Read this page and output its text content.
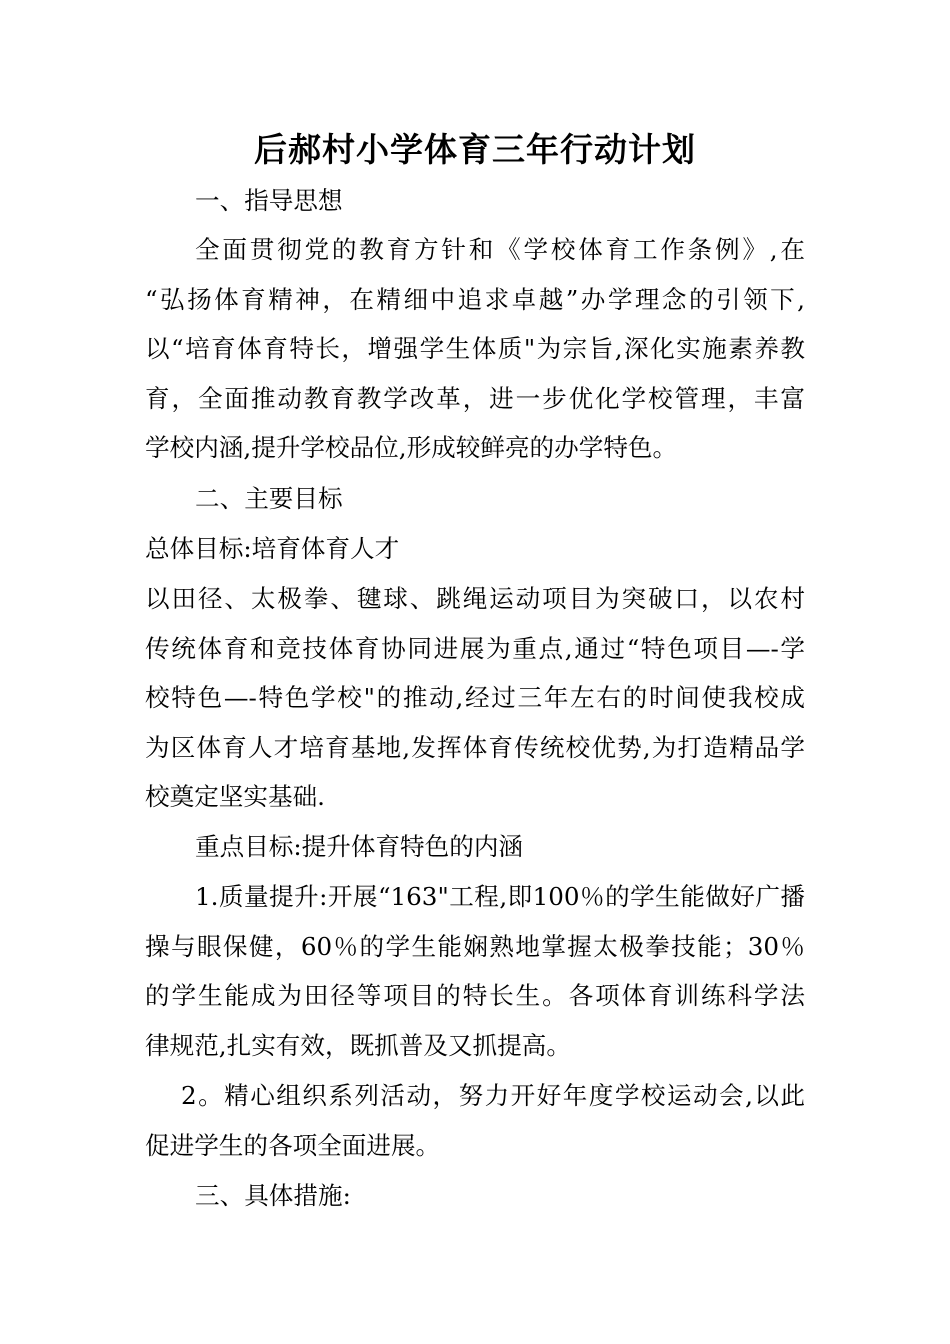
后郝村小学体育三年行动计划
一、指导思想
全面贯彻党的教育方针和《学校体育工作条例》,在
“弘扬体育精神，在精细中追求卓越”办学理念的引领下,
以“培育体育特长，增强学生体质"为宗旨,深化实施素养教
育，全面推动教育教学改革，进一步优化学校管理，丰富
学校内涵,提升学校品位,形成较鲜亮的办学特色。
二、主要目标
总体目标:培育体育人才
以田径、太极拳、毽球、跳绳运动项目为突破口，以农村
传统体育和竞技体育协同进展为重点,通过“特色项目—-学
校特色—-特色学校"的推动,经过三年左右的时间使我校成
为区体育人才培育基地,发挥体育传统校优势,为打造精品学
校奠定坚实基础.
重点目标:提升体育特色的内涵
1.质量提升:开展“163"工程,即100％的学生能做好广播
操与眼保健，60％的学生能娴熟地掌握太极拳技能；30％
的学生能成为田径等项目的特长生。各项体育训练科学法
律规范,扎实有效，既抓普及又抓提高。
2。精心组织系列活动，努力开好年度学校运动会,以此
促进学生的各项全面进展。
三、具体措施:
